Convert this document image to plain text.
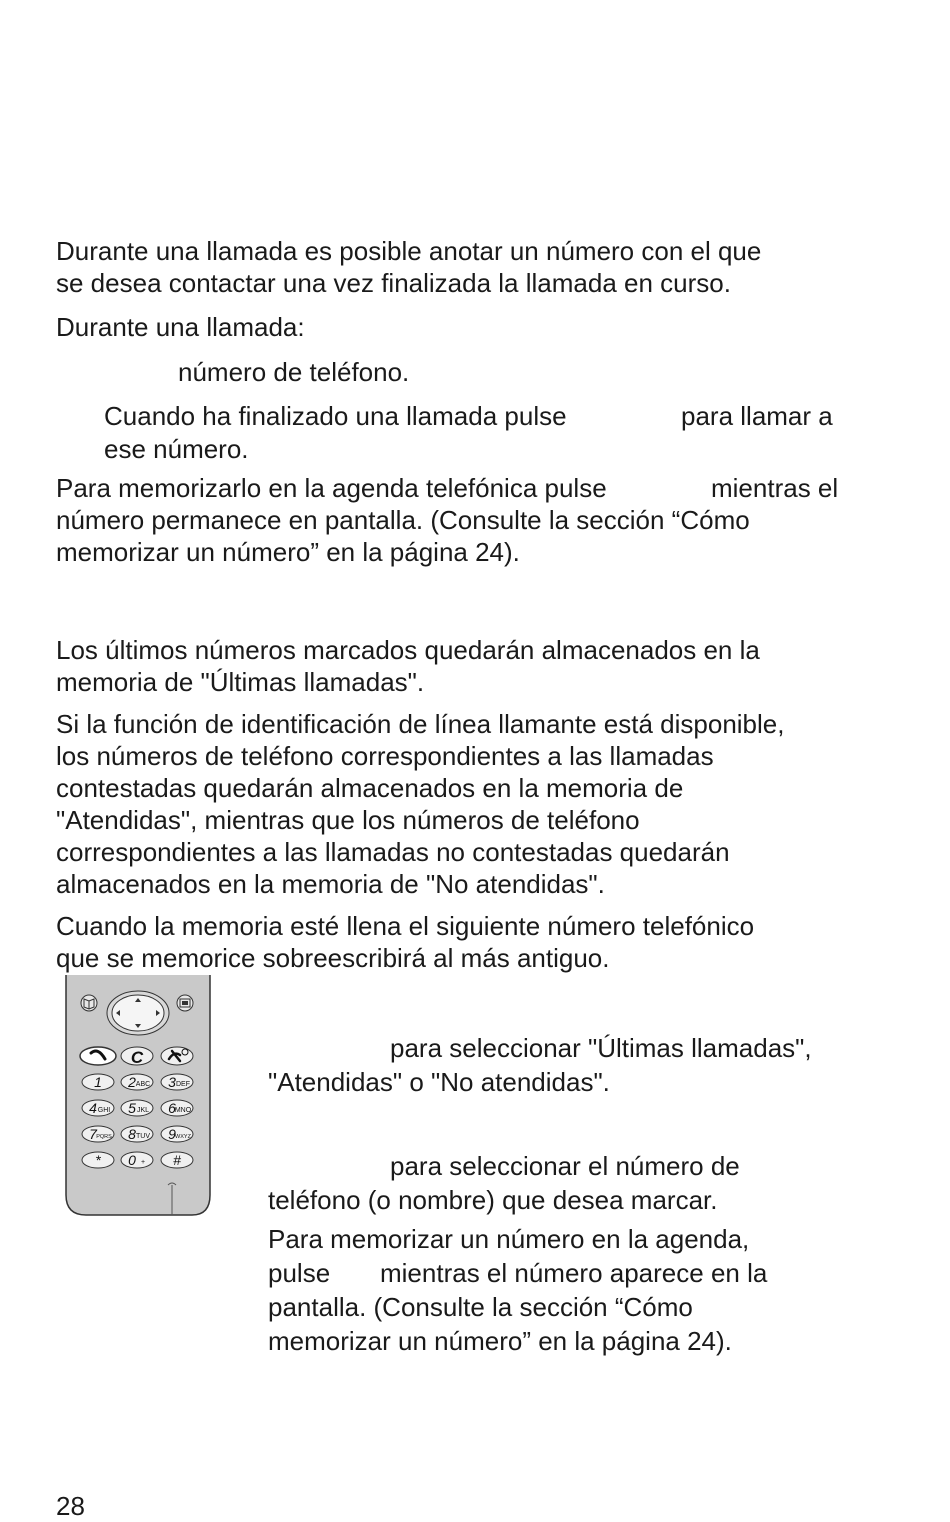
Durante una llamada es posible anotar un número con el que

se desea contactar una vez finalizada la llamada en curso.

Durante una llamada:

número de teléfono.

Cuando ha finalizado una llamada pulse	para llamar a

ese número.

Para memorizarlo en la agenda telefónica pulse	mientras el

número permanece en pantalla. (Consulte la sección “Cómo

memorizar un número” en la página 24).

Los últimos números marcados quedarán almacenados en la

memoria de "Últimas llamadas".

Si la función de identificación de línea llamante está disponible,

los números de teléfono correspondientes a las llamadas

contestadas quedarán almacenados en la memoria de

"Atendidas", mientras que los números de teléfono

correspondientes a las llamadas no contestadas quedarán

almacenados en la memoria de "No atendidas".

Cuando la memoria esté llena el siguiente número telefónico

que se memorice sobreescribirá al más antiguo.

C
1 2 ABC 3 DEF
4 GHI 5 JKL 6
MNO
7 PQRS 8 TUV 9 WXYZ
* 0 + #

para seleccionar "Últimas llamadas",

"Atendidas" o "No atendidas".

para seleccionar el número de

teléfono (o nombre) que desea marcar.

Para memorizar un número en la agenda,

pulse mientras el número aparece en la

pantalla. (Consulte la sección “Cómo

memorizar un número” en la página 24).

28
